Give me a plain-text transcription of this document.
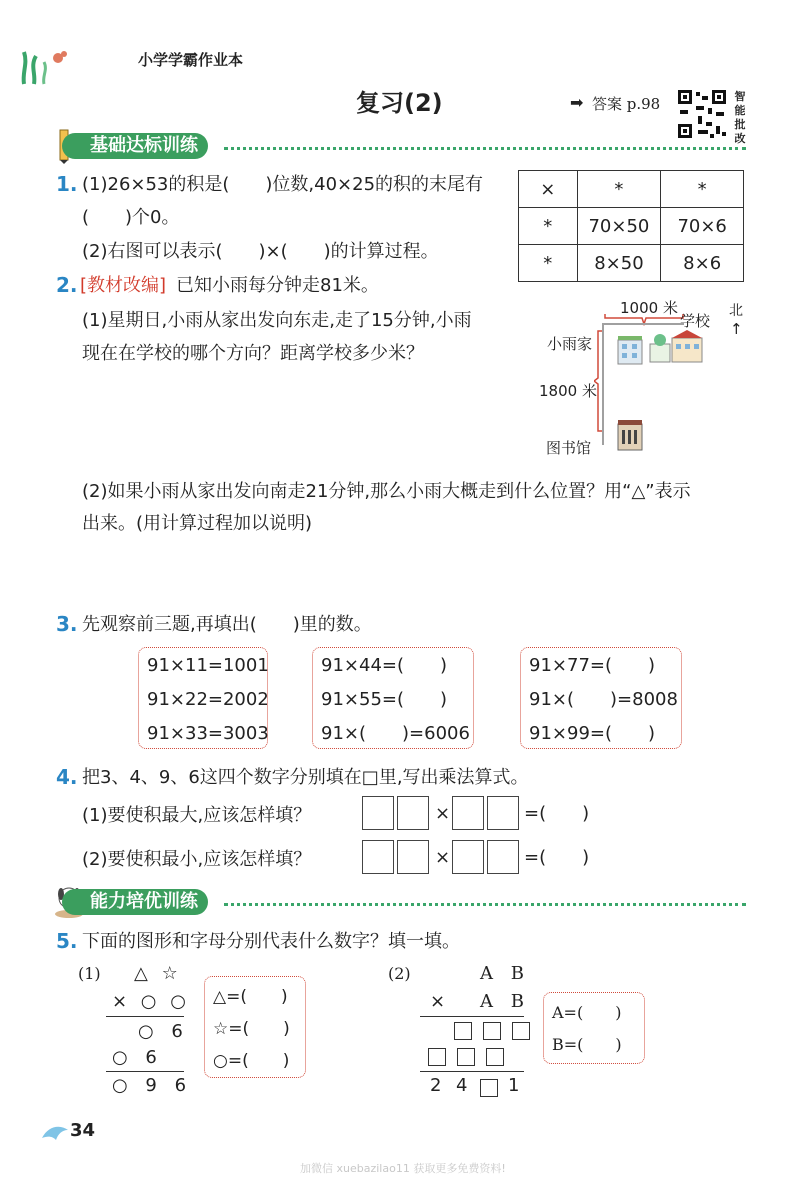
小学学霸作业本
复习(2)	➡ 答案 p.98	智
能
批
改
基础达标训练
1. (1)26×53的积是(　　)位数,40×25的积的末尾有
(　　)个0。
(2)右图可以表示(　　)×(　　)的计算过程。
×	*	*
*	70×50	70×6
*	8×50	8×6
2. [教材改编] 已知小雨每分钟走81米。
(1)星期日,小雨从家出发向东走,走了15分钟,小雨
现在在学校的哪个方向？距离学校多少米？
1000 米
学校
北
↑
小雨家
1800 米
图书馆
(2)如果小雨从家出发向南走21分钟,那么小雨大概走到什么位置？用“△”表示
出来。(用计算过程加以说明)
3. 先观察前三题,再填出(　　)里的数。
91×11=1001
91×22=2002
91×33=3003
91×44=(　　)
91×55=(　　)
91×(　　)=6006
91×77=(　　)
91×(　　)=8008
91×99=(　　)
4. 把3、4、9、6这四个数字分别填在□里,写出乘法算式。
(1)要使积最大,应该怎样填？
(2)要使积最小,应该怎样填？
×	=(　　)
×	=(　　)
能力培优训练
5. 下面的图形和字母分别代表什么数字？填一填。
(1) △ ☆
× ○ ○
○ 6
○ 6
○ 9 6
△=(　　)
☆=(　　)
○=(　　)
(2)	A B
× A B

2 4 1
A=(　　)
B=(　　)
34
加微信 xuebazilao11 获取更多免费资料!
